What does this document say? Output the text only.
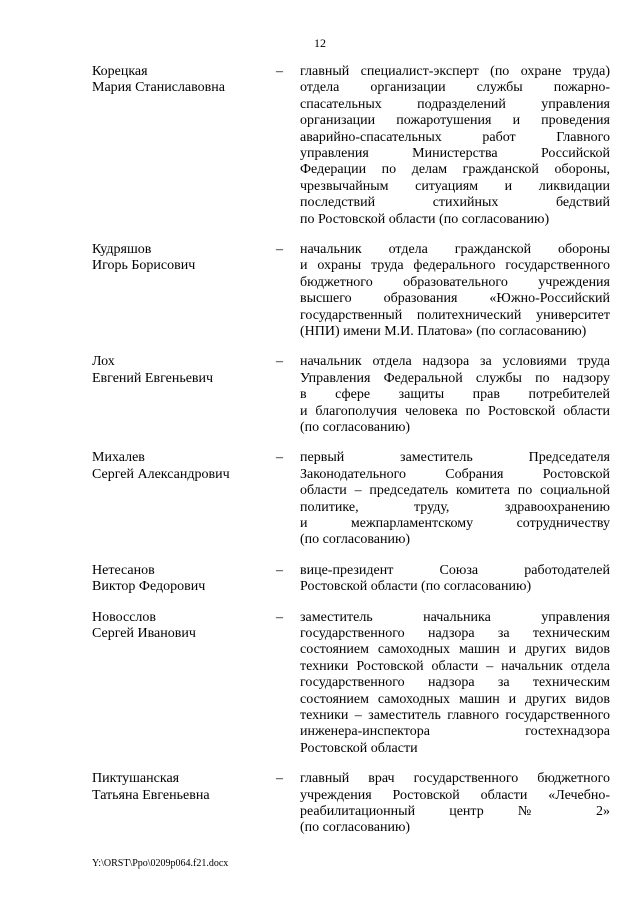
12
Корецкая
Мария Станиславовна
–	главный специалист-эксперт (по охране труда)
отдела организации службы пожарно-
спасательных подразделений управления
организации пожаротушения и проведения
аварийно-спасательных работ Главного
управления Министерства Российской
Федерации по делам гражданской обороны,
чрезвычайным ситуациям и ликвидации
последствий стихийных бедствий
по Ростовской области (по согласованию)
Кудряшов
Игорь Борисович
–	начальник отдела гражданской обороны
и охраны труда федерального государственного
бюджетного образовательного учреждения
высшего образования «Южно-Российский
государственный политехнический университет
(НПИ) имени М.И. Платова» (по согласованию)
Лох
Евгений Евгеньевич
–	начальник отдела надзора за условиями труда
Управления Федеральной службы по надзору
в сфере защиты прав потребителей
и благополучия человека по Ростовской области
(по согласованию)
Михалев
Сергей Александрович
–	первый заместитель Председателя
Законодательного Собрания Ростовской
области – председатель комитета по социальной
политике, труду, здравоохранению
и межпарламентскому сотрудничеству
(по согласованию)
Нетесанов
Виктор Федорович
–	вице-президент Союза работодателей
Ростовской области (по согласованию)
Новосслов
Сергей Иванович
–	заместитель начальника управления
государственного надзора за техническим
состоянием самоходных машин и других видов
техники Ростовской области – начальник отдела
государственного надзора за техническим
состоянием самоходных машин и других видов
техники – заместитель главного государственного
инженера-инспектора гостехнадзора
Ростовской области
Пиктушанская
Татьяна Евгеньевна
–	главный врач государственного бюджетного
учреждения Ростовской области «Лечебно-
реабилитационный центр № 2»
(по согласованию)
Y:\ORST\Ppo\0209p064.f21.docx
